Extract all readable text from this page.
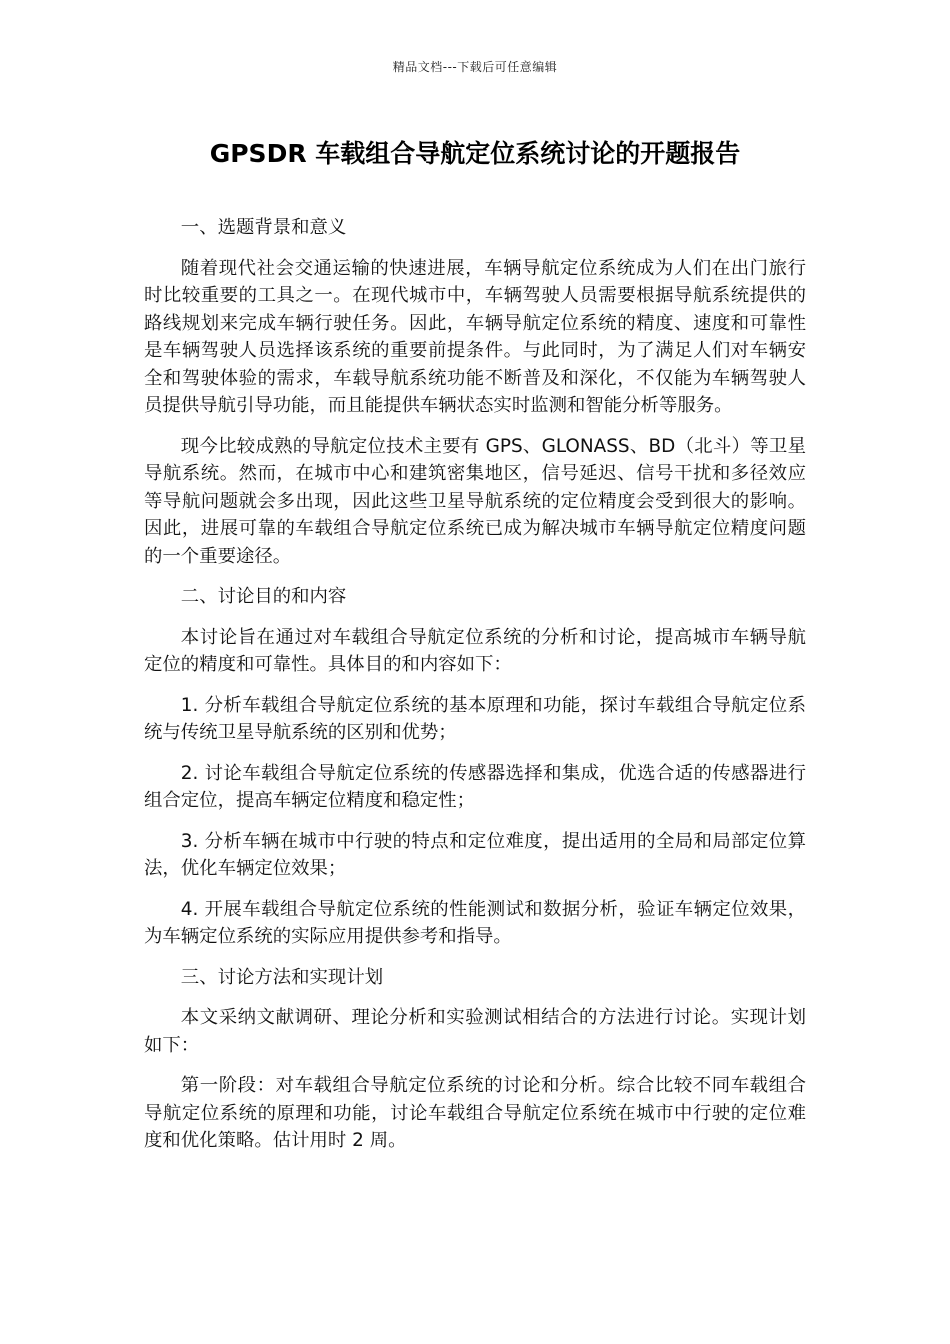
精品文档---下载后可任意编辑
GPSDR 车载组合导航定位系统讨论的开题报告

一、选题背景和意义

随着现代社会交通运输的快速进展，车辆导航定位系统成为人们在出门旅行时比较重要的工具之一。在现代城市中，车辆驾驶人员需要根据导航系统提供的路线规划来完成车辆行驶任务。因此，车辆导航定位系统的精度、速度和可靠性是车辆驾驶人员选择该系统的重要前提条件。与此同时，为了满足人们对车辆安全和驾驶体验的需求，车载导航系统功能不断普及和深化，不仅能为车辆驾驶人员提供导航引导功能，而且能提供车辆状态实时监测和智能分析等服务。

现今比较成熟的导航定位技术主要有 GPS、GLONASS、BD（北斗）等卫星导航系统。然而，在城市中心和建筑密集地区，信号延迟、信号干扰和多径效应等导航问题就会多出现，因此这些卫星导航系统的定位精度会受到很大的影响。因此，进展可靠的车载组合导航定位系统已成为解决城市车辆导航定位精度问题的一个重要途径。

二、讨论目的和内容

本讨论旨在通过对车载组合导航定位系统的分析和讨论，提高城市车辆导航定位的精度和可靠性。具体目的和内容如下：

1. 分析车载组合导航定位系统的基本原理和功能，探讨车载组合导航定位系统与传统卫星导航系统的区别和优势；

2. 讨论车载组合导航定位系统的传感器选择和集成，优选合适的传感器进行组合定位，提高车辆定位精度和稳定性；

3. 分析车辆在城市中行驶的特点和定位难度，提出适用的全局和局部定位算法，优化车辆定位效果；

4. 开展车载组合导航定位系统的性能测试和数据分析，验证车辆定位效果，为车辆定位系统的实际应用提供参考和指导。

三、讨论方法和实现计划

本文采纳文献调研、理论分析和实验测试相结合的方法进行讨论。实现计划如下：

第一阶段：对车载组合导航定位系统的讨论和分析。综合比较不同车载组合导航定位系统的原理和功能，讨论车载组合导航定位系统在城市中行驶的定位难度和优化策略。估计用时 2 周。
